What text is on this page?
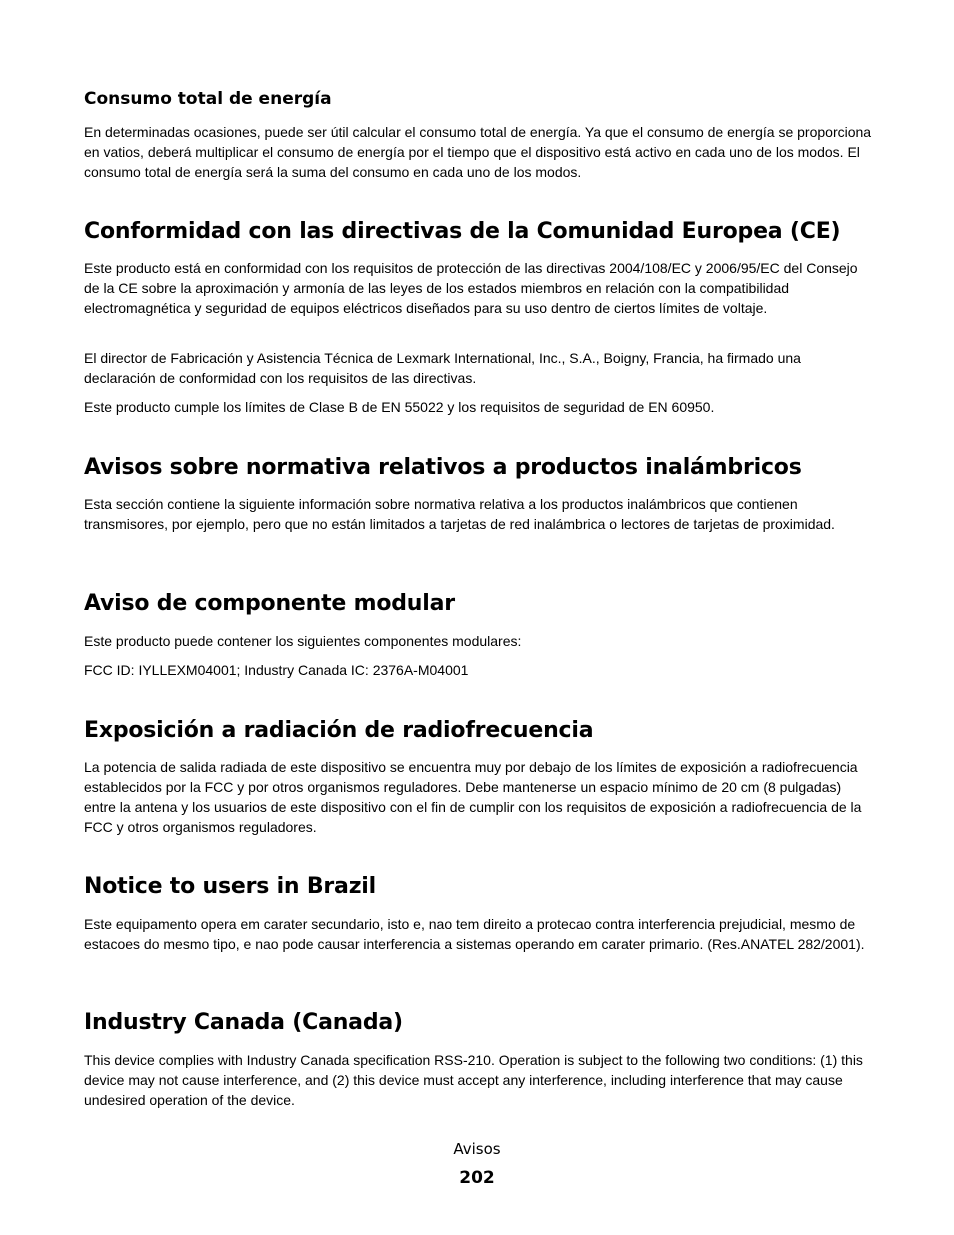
Consumo total de energía

En determinadas ocasiones, puede ser útil calcular el consumo total de energía. Ya que el consumo de energía se proporciona en vatios, deberá multiplicar el consumo de energía por el tiempo que el dispositivo está activo en cada uno de los modos. El consumo total de energía será la suma del consumo en cada uno de los modos.

Conformidad con las directivas de la Comunidad Europea (CE)

Este producto está en conformidad con los requisitos de protección de las directivas 2004/108/EC y 2006/95/EC del Consejo de la CE sobre la aproximación y armonía de las leyes de los estados miembros en relación con la compatibilidad electromagnética y seguridad de equipos eléctricos diseñados para su uso dentro de ciertos límites de voltaje.

El director de Fabricación y Asistencia Técnica de Lexmark International, Inc., S.A., Boigny, Francia, ha firmado una declaración de conformidad con los requisitos de las directivas.

Este producto cumple los límites de Clase B de EN 55022 y los requisitos de seguridad de EN 60950.

Avisos sobre normativa relativos a productos inalámbricos

Esta sección contiene la siguiente información sobre normativa relativa a los productos inalámbricos que contienen transmisores, por ejemplo, pero que no están limitados a tarjetas de red inalámbrica o lectores de tarjetas de proximidad.

Aviso de componente modular

Este producto puede contener los siguientes componentes modulares:

FCC ID: IYLLEXM04001; Industry Canada IC: 2376A-M04001

Exposición a radiación de radiofrecuencia

La potencia de salida radiada de este dispositivo se encuentra muy por debajo de los límites de exposición a radiofrecuencia establecidos por la FCC y por otros organismos reguladores. Debe mantenerse un espacio mínimo de 20 cm (8 pulgadas) entre la antena y los usuarios de este dispositivo con el fin de cumplir con los requisitos de exposición a radiofrecuencia de la FCC y otros organismos reguladores.

Notice to users in Brazil

Este equipamento opera em carater secundario, isto e, nao tem direito a protecao contra interferencia prejudicial, mesmo de estacoes do mesmo tipo, e nao pode causar interferencia a sistemas operando em carater primario. (Res.ANATEL 282/2001).

Industry Canada (Canada)

This device complies with Industry Canada specification RSS-210. Operation is subject to the following two conditions: (1) this device may not cause interference, and (2) this device must accept any interference, including interference that may cause undesired operation of the device.

Avisos
202
